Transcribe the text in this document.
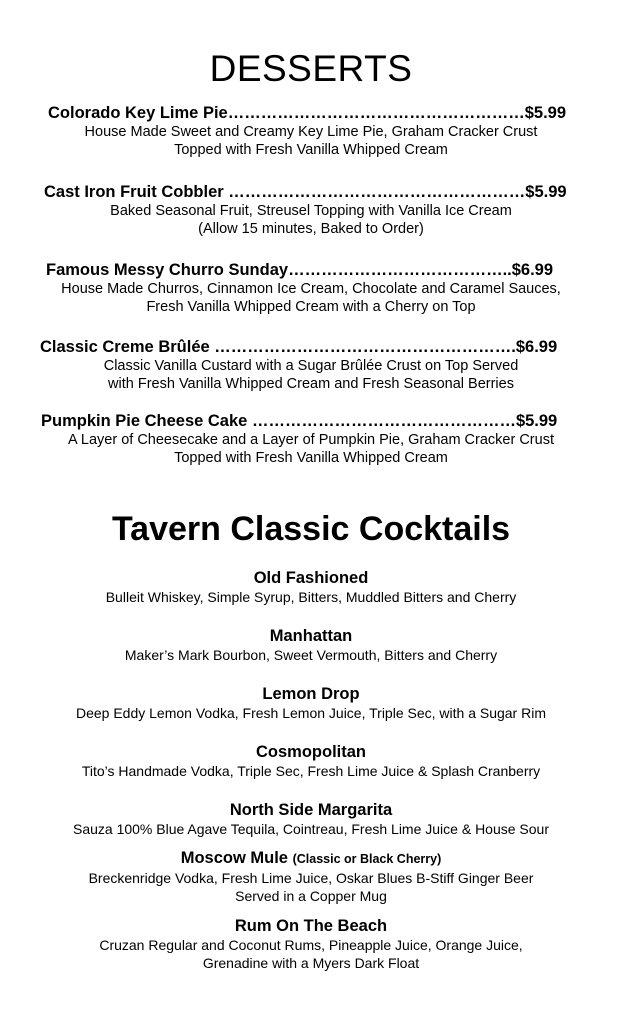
DESSERTS
Colorado Key Lime Pie………………………………………………$5.99
House Made Sweet and Creamy Key Lime Pie, Graham Cracker Crust
Topped with Fresh Vanilla Whipped Cream
Cast Iron Fruit Cobbler ………………………………………………$5.99
Baked Seasonal Fruit, Streusel Topping with Vanilla Ice Cream
(Allow 15 minutes, Baked to Order)
Famous Messy Churro Sunday…………………………………..$6.99
House Made Churros, Cinnamon Ice Cream, Chocolate and Caramel Sauces,
Fresh Vanilla Whipped Cream with a Cherry on Top
Classic Creme Brûlée ……………………………………………….$6.99
Classic Vanilla Custard with a Sugar Brûlée Crust on Top Served
with Fresh Vanilla Whipped Cream and Fresh Seasonal Berries
Pumpkin Pie Cheese Cake …………………………………………$5.99
A Layer of Cheesecake and a Layer of Pumpkin Pie, Graham Cracker Crust
Topped with Fresh Vanilla Whipped Cream
Tavern Classic Cocktails
Old Fashioned
Bulleit Whiskey, Simple Syrup, Bitters, Muddled Bitters and Cherry
Manhattan
Maker’s Mark Bourbon, Sweet Vermouth, Bitters and Cherry
Lemon Drop
Deep Eddy Lemon Vodka, Fresh Lemon Juice, Triple Sec, with a Sugar Rim
Cosmopolitan
Tito’s Handmade Vodka, Triple Sec, Fresh Lime Juice & Splash Cranberry
North Side Margarita
Sauza 100% Blue Agave Tequila, Cointreau, Fresh Lime Juice & House Sour
Moscow Mule (Classic or Black Cherry)
Breckenridge Vodka, Fresh Lime Juice, Oskar Blues B-Stiff Ginger Beer
Served in a Copper Mug
Rum On The Beach
Cruzan Regular and Coconut Rums, Pineapple Juice, Orange Juice,
Grenadine with a Myers Dark Float
